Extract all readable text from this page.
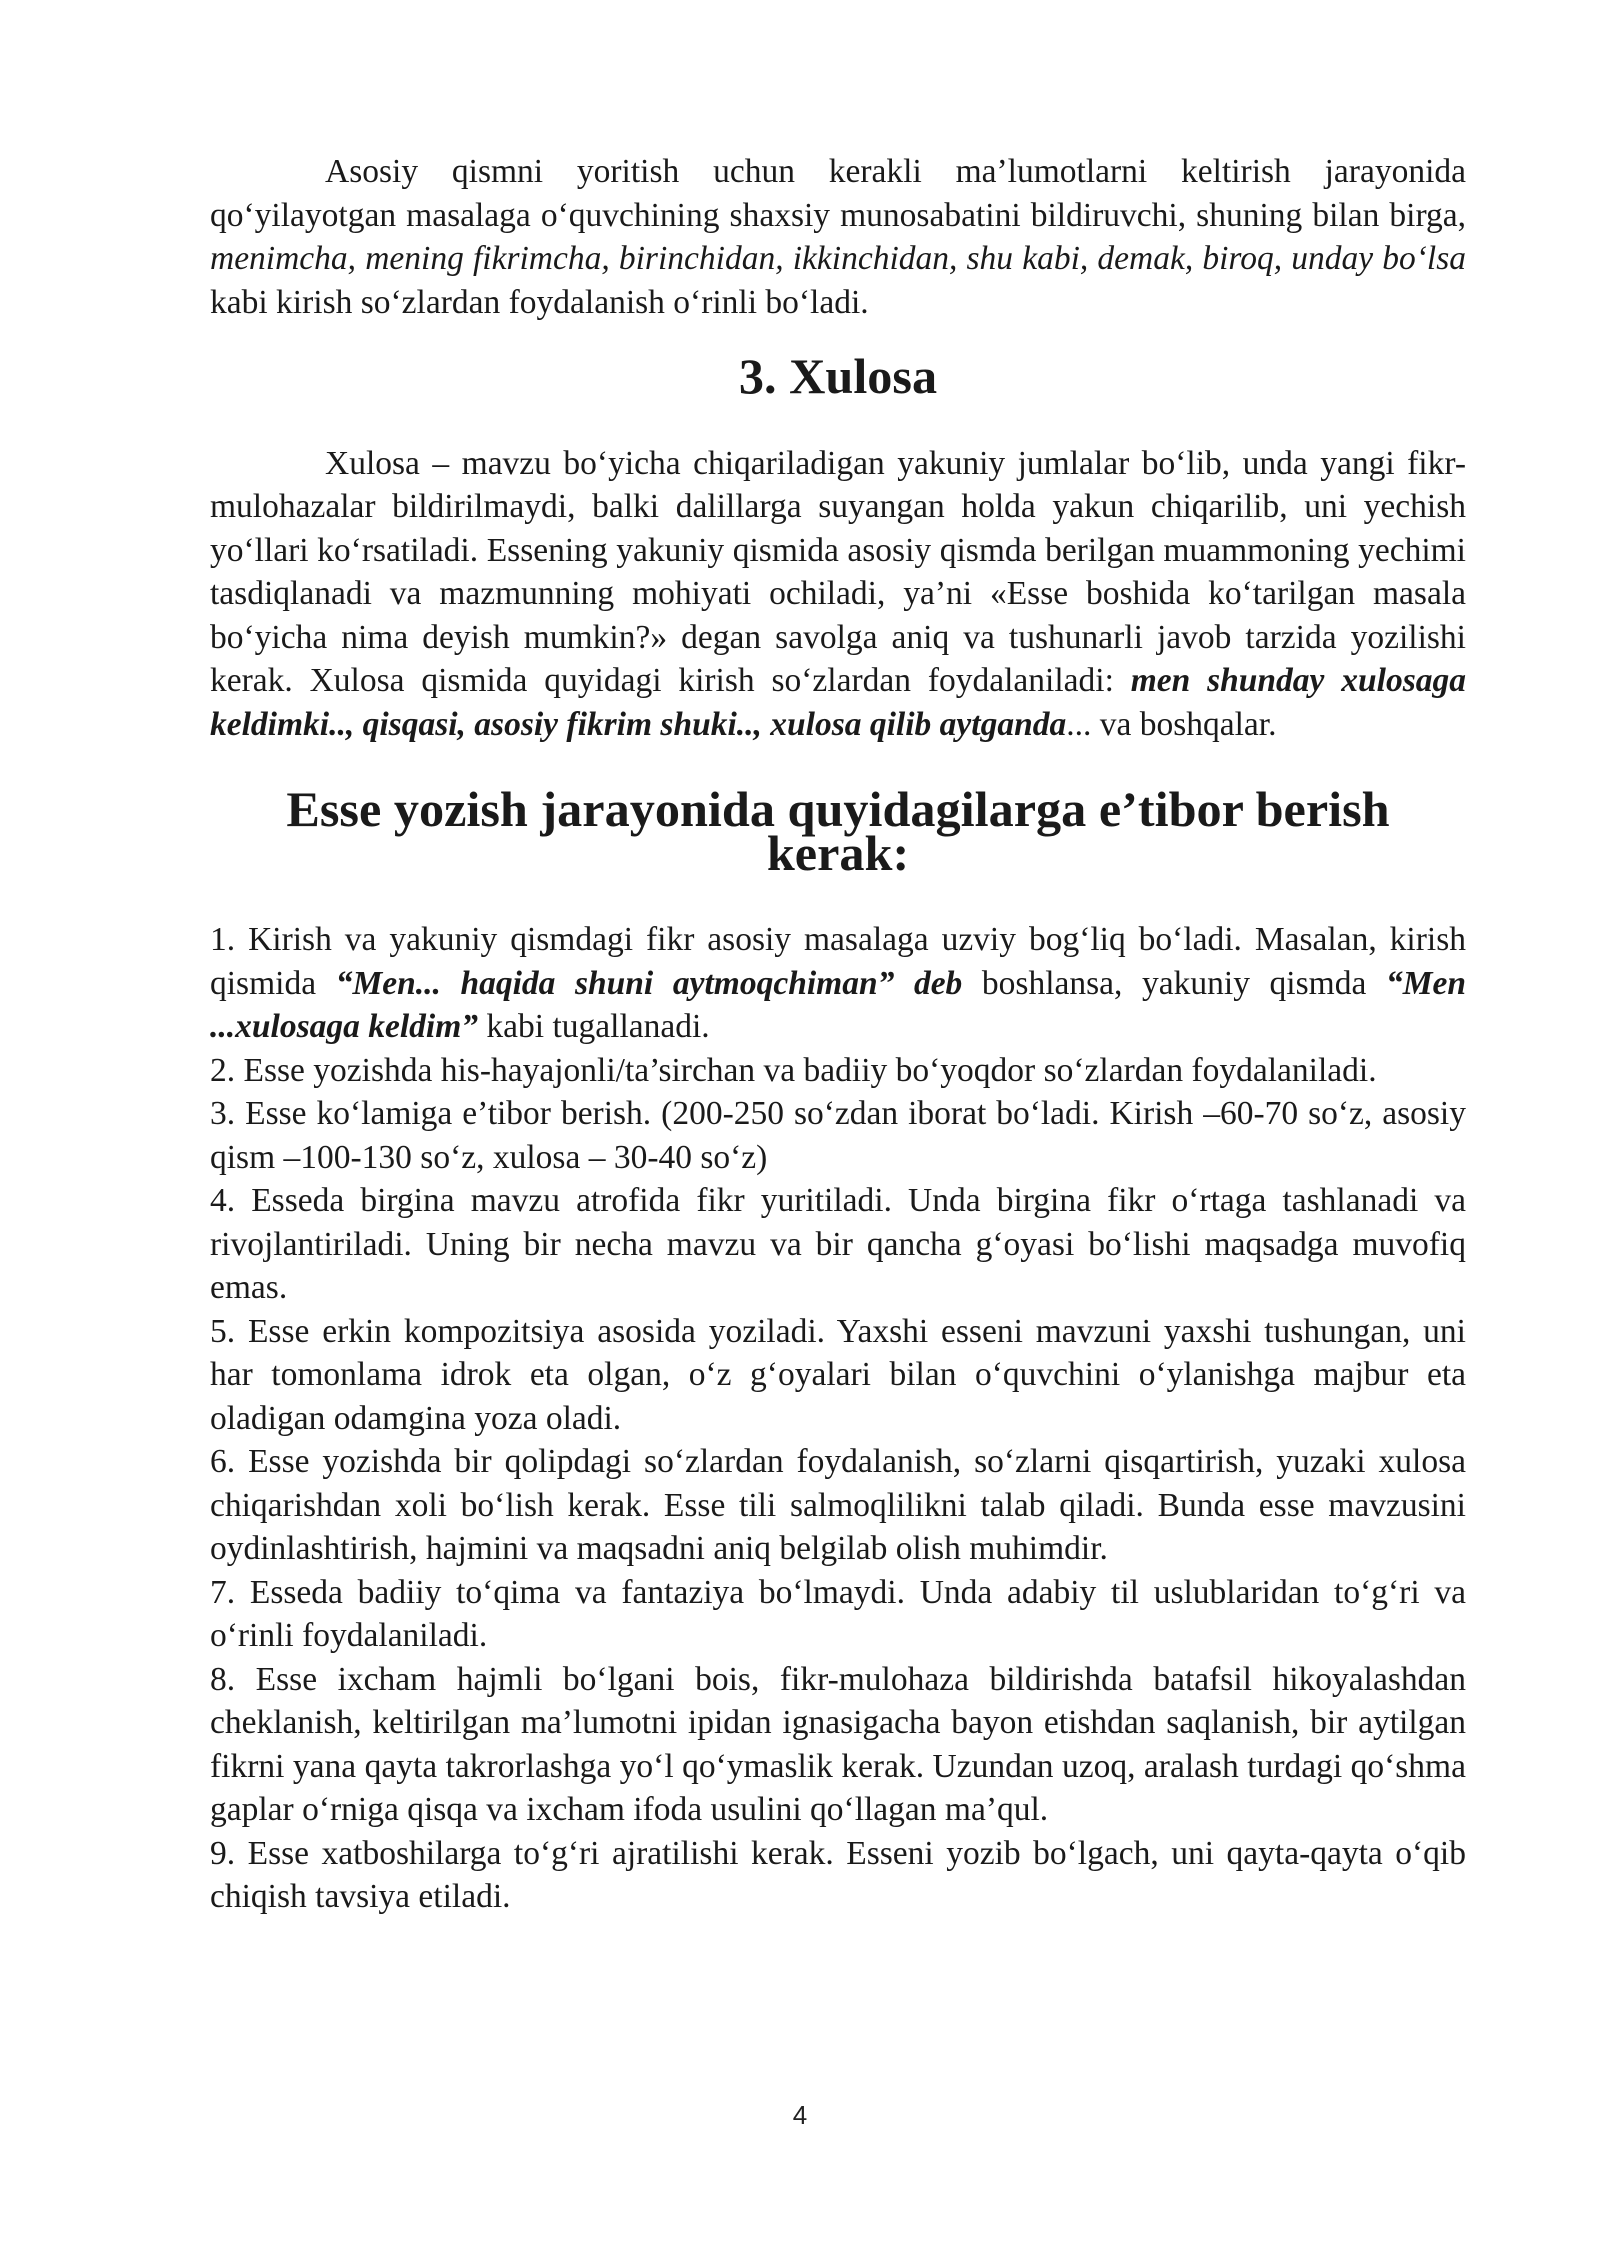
Asosiy qismni yoritish uchun kerakli ma’lumotlarni keltirish jarayonida qo‘yilayotgan masalaga o‘quvchining shaxsiy munosabatini bildiruvchi, shuning bilan birga, menimcha, mening fikrimcha, birinchidan, ikkinchidan, shu kabi, demak, biroq, unday bo‘lsa kabi kirish so‘zlardan foydalanish o‘rinli bo‘ladi.

3. Xulosa

Xulosa – mavzu bo‘yicha chiqariladigan yakuniy jumlalar bo‘lib, unda yangi fikr-mulohazalar bildirilmaydi, balki dalillarga suyangan holda yakun chiqarilib, uni yechish yo‘llari ko‘rsatiladi. Essening yakuniy qismida asosiy qismda berilgan muammoning yechimi tasdiqlanadi va mazmunning mohiyati ochiladi, ya’ni «Esse boshida ko‘tarilgan masala bo‘yicha nima deyish mumkin?» degan savolga aniq va tushunarli javob tarzida yozilishi kerak. Xulosa qismida quyidagi kirish so‘zlardan foydalaniladi: men shunday xulosaga keldimki.., qisqasi, asosiy fikrim shuki.., xulosa qilib aytganda... va boshqalar.

Esse yozish jarayonida quyidagilarga e’tibor berish kerak:

1. Kirish va yakuniy qismdagi fikr asosiy masalaga uzviy bog‘liq bo‘ladi. Masalan, kirish qismida “Men... haqida shuni aytmoqchiman” deb boshlansa, yakuniy qismda “Men ...xulosaga keldim” kabi tugallanadi.

2. Esse yozishda his-hayajonli/ta’sirchan va badiiy bo‘yoqdor so‘zlardan foydalaniladi.

3. Esse ko‘lamiga e’tibor berish. (200-250 so‘zdan iborat bo‘ladi. Kirish –60-70 so‘z, asosiy qism –100-130 so‘z, xulosa – 30-40 so‘z)

4. Esseda birgina mavzu atrofida fikr yuritiladi. Unda birgina fikr o‘rtaga tashlanadi va rivojlantiriladi. Uning bir necha mavzu va bir qancha g‘oyasi bo‘lishi maqsadga muvofiq emas.

5. Esse erkin kompozitsiya asosida yoziladi. Yaxshi esseni mavzuni yaxshi tushungan, uni har tomonlama idrok eta olgan, o‘z g‘oyalari bilan o‘quvchini o‘ylanishga majbur eta oladigan odamgina yoza oladi.

6. Esse yozishda bir qolipdagi so‘zlardan foydalanish, so‘zlarni qisqartirish, yuzaki xulosa chiqarishdan xoli bo‘lish kerak. Esse tili salmoqlilikni talab qiladi. Bunda esse mavzusini oydinlashtirish, hajmini va maqsadni aniq belgilab olish muhimdir.

7. Esseda badiiy to‘qima va fantaziya bo‘lmaydi. Unda adabiy til uslublaridan to‘g‘ri va o‘rinli foydalaniladi.

8. Esse ixcham hajmli bo‘lgani bois, fikr-mulohaza bildirishda batafsil hikoyalashdan cheklanish, keltirilgan ma’lumotni ipidan ignasigacha bayon etishdan saqlanish, bir aytilgan fikrni yana qayta takrorlashga yo‘l qo‘ymaslik kerak. Uzundan uzoq, aralash turdagi qo‘shma gaplar o‘rniga qisqa va ixcham ifoda usulini qo‘llagan ma’qul.

9. Esse xatboshilarga to‘g‘ri ajratilishi kerak. Esseni yozib bo‘lgach, uni qayta-qayta o‘qib chiqish tavsiya etiladi.

4
